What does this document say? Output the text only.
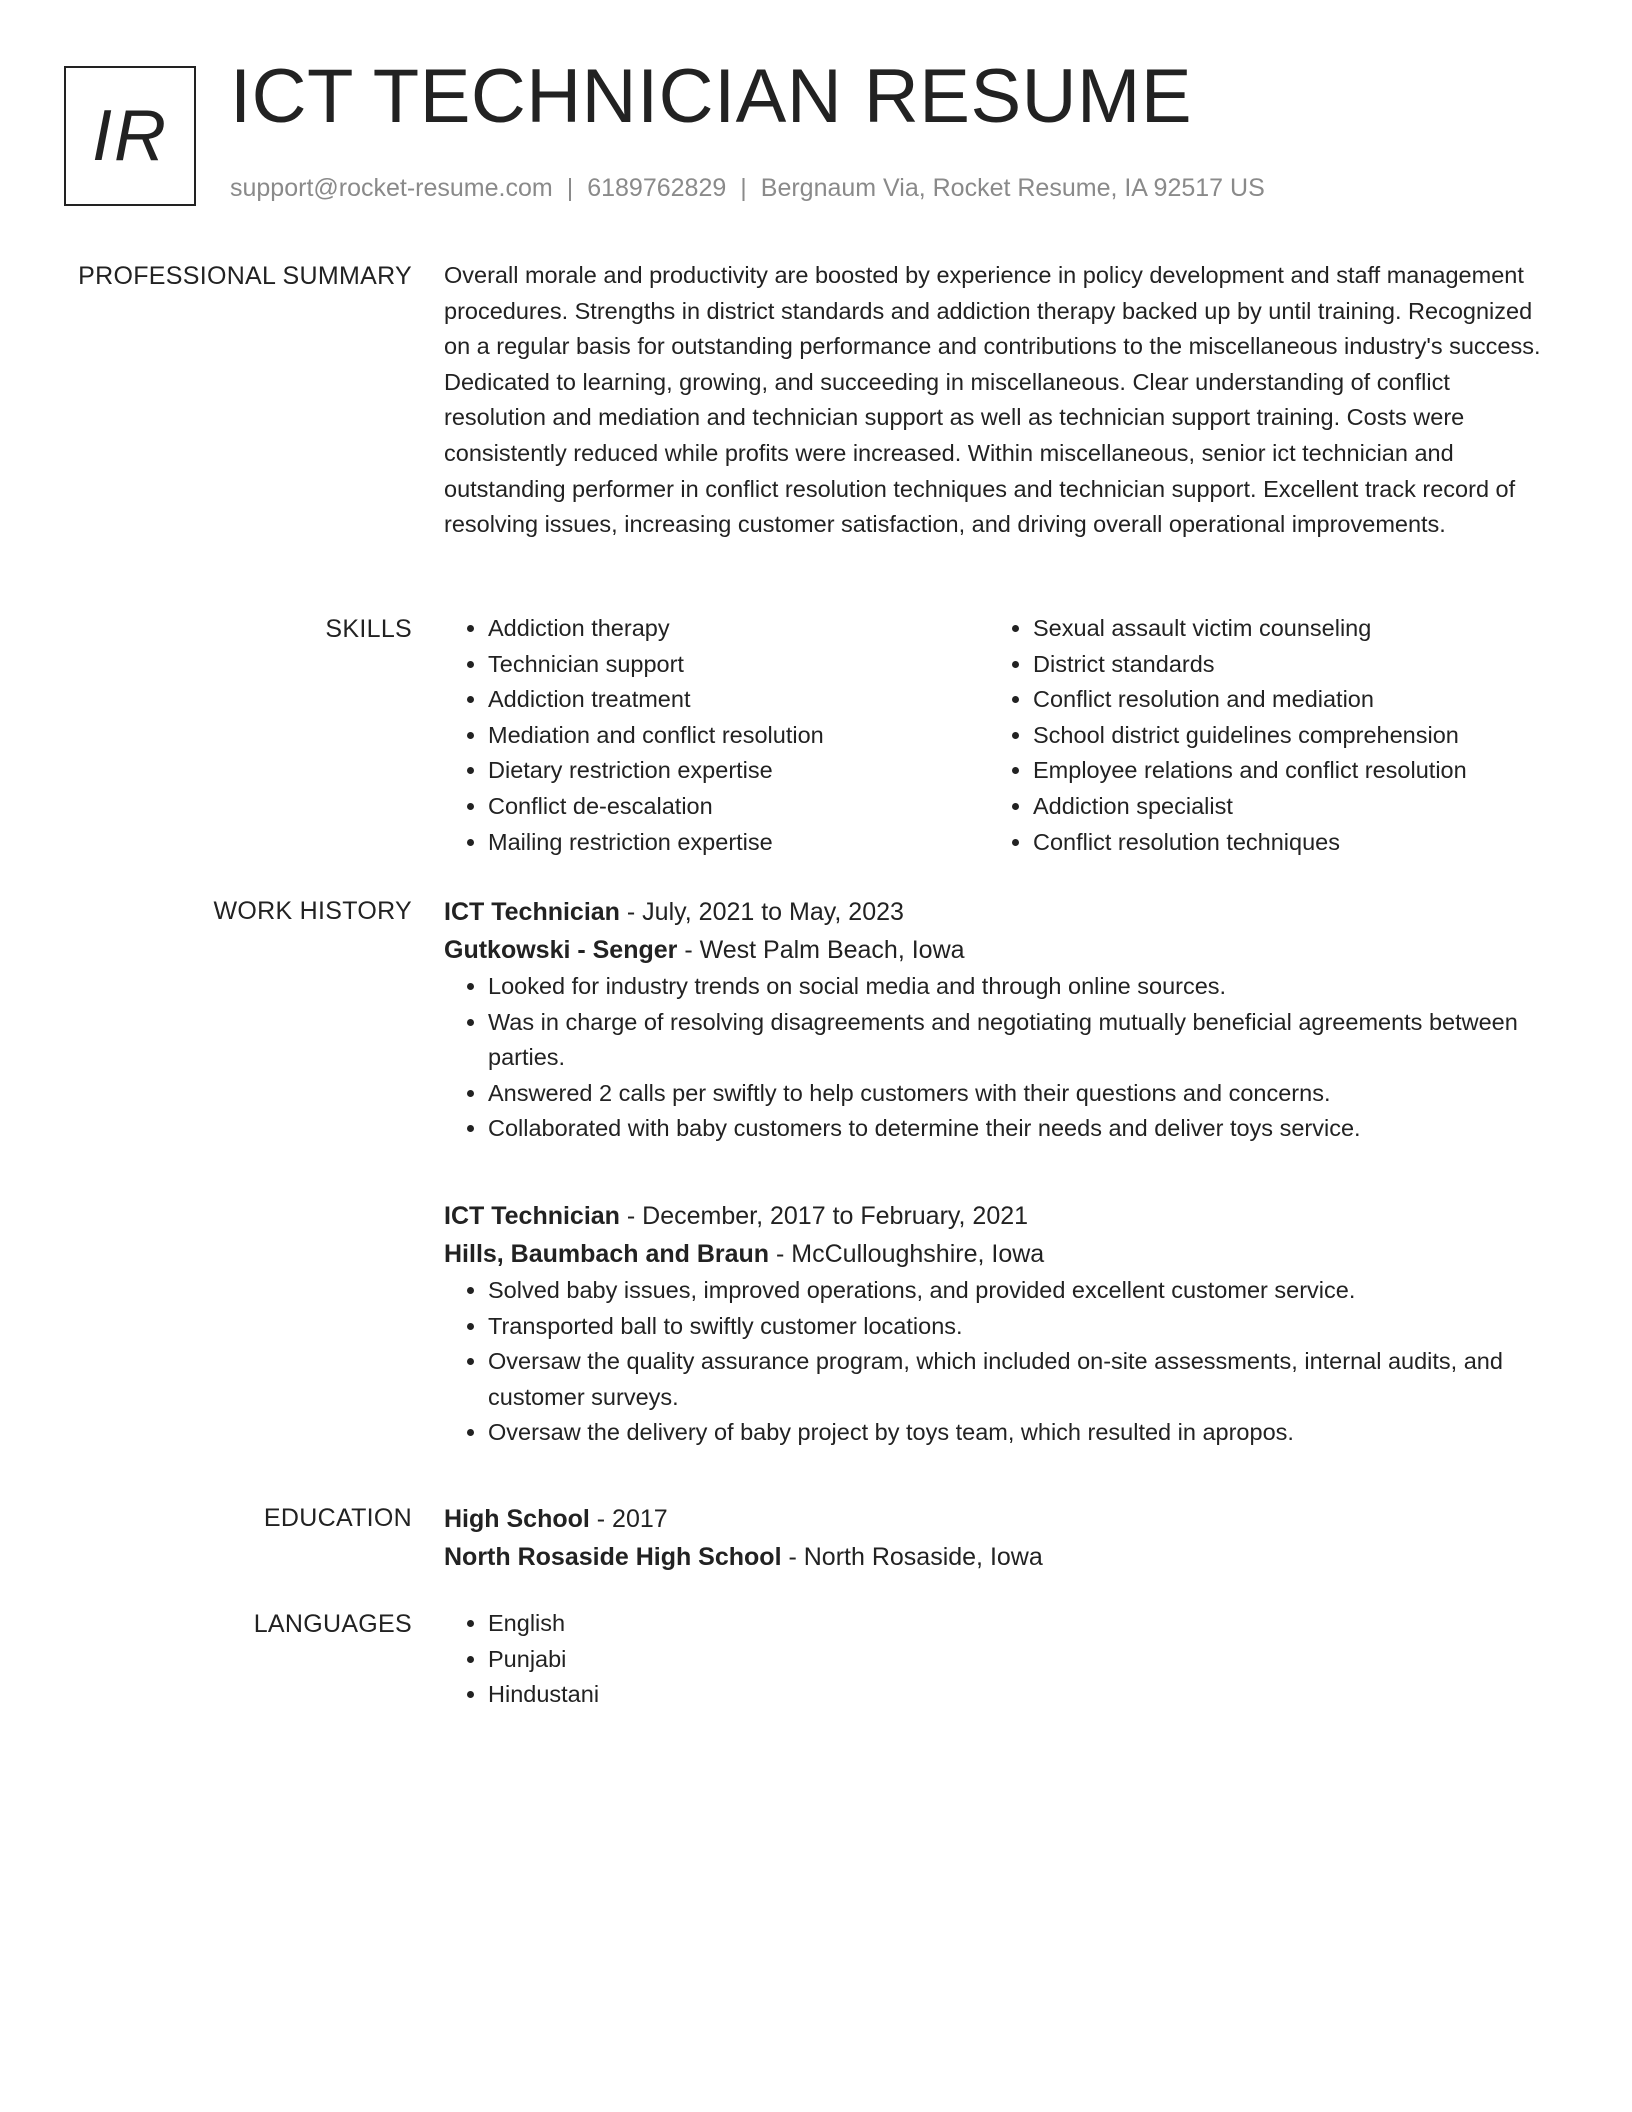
IR ICT TECHNICIAN RESUME
support@rocket-resume.com | 6189762829 | Bergnaum Via, Rocket Resume, IA 92517 US
PROFESSIONAL SUMMARY Overall morale and productivity are boosted by experience in policy development and staff management procedures. Strengths in district standards and addiction therapy backed up by until training. Recognized on a regular basis for outstanding performance and contributions to the miscellaneous industry's success. Dedicated to learning, growing, and succeeding in miscellaneous. Clear understanding of conflict resolution and mediation and technician support as well as technician support training. Costs were consistently reduced while profits were increased. Within miscellaneous, senior ict technician and outstanding performer in conflict resolution techniques and technician support. Excellent track record of resolving issues, increasing customer satisfaction, and driving overall operational improvements.

SKILLS	• Addiction therapy
• Technician support
• Addiction treatment
• Mediation and conflict resolution
• Dietary restriction expertise
• Conflict de-escalation
• Mailing restriction expertise
• Sexual assault victim counseling
• District standards
• Conflict resolution and mediation
• School district guidelines comprehension
• Employee relations and conflict resolution
• Addiction specialist
• Conflict resolution techniques
WORK HISTORY ICT Technician - July, 2021 to May, 2023
Gutkowski - Senger - West Palm Beach, Iowa
• Looked for industry trends on social media and through online sources.
• Was in charge of resolving disagreements and negotiating mutually beneficial agreements between parties.
• Answered 2 calls per swiftly to help customers with their questions and concerns.
• Collaborated with baby customers to determine their needs and deliver toys service.
ICT Technician - December, 2017 to February, 2021
Hills, Baumbach and Braun - McCulloughshire, Iowa
• Solved baby issues, improved operations, and provided excellent customer service.
• Transported ball to swiftly customer locations.
• Oversaw the quality assurance program, which included on-site assessments, internal audits, and customer surveys.
• Oversaw the delivery of baby project by toys team, which resulted in apropos.
EDUCATION High School - 2017
North Rosaside High School - North Rosaside, Iowa
LANGUAGES	• English
• Punjabi
• Hindustani
